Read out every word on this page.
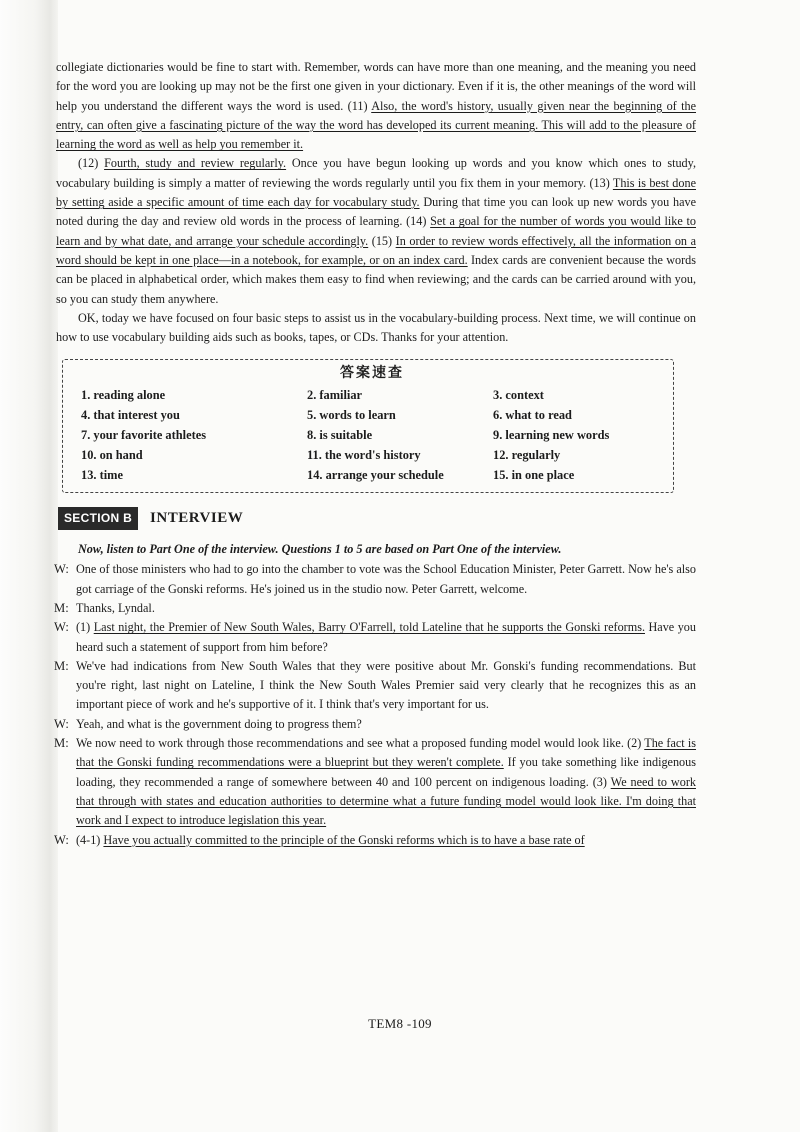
collegiate dictionaries would be fine to start with. Remember, words can have more than one meaning, and the meaning you need for the word you are looking up may not be the first one given in your dictionary. Even if it is, the other meanings of the word will help you understand the different ways the word is used. (11) Also, the word's history, usually given near the beginning of the entry, can often give a fascinating picture of the way the word has developed its current meaning. This will add to the pleasure of learning the word as well as help you remember it.

(12) Fourth, study and review regularly. Once you have begun looking up words and you know which ones to study, vocabulary building is simply a matter of reviewing the words regularly until you fix them in your memory. (13) This is best done by setting aside a specific amount of time each day for vocabulary study. During that time you can look up new words you have noted during the day and review old words in the process of learning. (14) Set a goal for the number of words you would like to learn and by what date, and arrange your schedule accordingly. (15) In order to review words effectively, all the information on a word should be kept in one place—in a notebook, for example, or on an index card. Index cards are convenient because the words can be placed in alphabetical order, which makes them easy to find when reviewing; and the cards can be carried around with you, so you can study them anywhere.

OK, today we have focused on four basic steps to assist us in the vocabulary-building process. Next time, we will continue on how to use vocabulary building aids such as books, tapes, or CDs. Thanks for your attention.

答案速查
1. reading alone	2. familiar	3. context
4. that interest you	5. words to learn	6. what to read
7. your favorite athletes	8. is suitable	9. learning new words
10. on hand	11. the word's history	12. regularly
13. time	14. arrange your schedule	15. in one place
SECTION B	INTERVIEW

Now, listen to Part One of the interview. Questions 1 to 5 are based on Part One of the interview.

W: One of those ministers who had to go into the chamber to vote was the School Education Minister, Peter Garrett. Now he's also got carriage of the Gonski reforms. He's joined us in the studio now. Peter Garrett, welcome.

M: Thanks, Lyndal.

W: (1) Last night, the Premier of New South Wales, Barry O'Farrell, told Lateline that he supports the Gonski reforms. Have you heard such a statement of support from him before?

M: We've had indications from New South Wales that they were positive about Mr. Gonski's funding recommendations. But you're right, last night on Lateline, I think the New South Wales Premier said very clearly that he recognizes this as an important piece of work and he's supportive of it. I think that's very important for us.

W: Yeah, and what is the government doing to progress them?

M: We now need to work through those recommendations and see what a proposed funding model would look like. (2) The fact is that the Gonski funding recommendations were a blueprint but they weren't complete. If you take something like indigenous loading, they recommended a range of somewhere between 40 and 100 percent on indigenous loading. (3) We need to work that through with states and education authorities to determine what a future funding model would look like. I'm doing that work and I expect to introduce legislation this year.

W: (4-1) Have you actually committed to the principle of the Gonski reforms which is to have a base rate of

TEM8 -109
